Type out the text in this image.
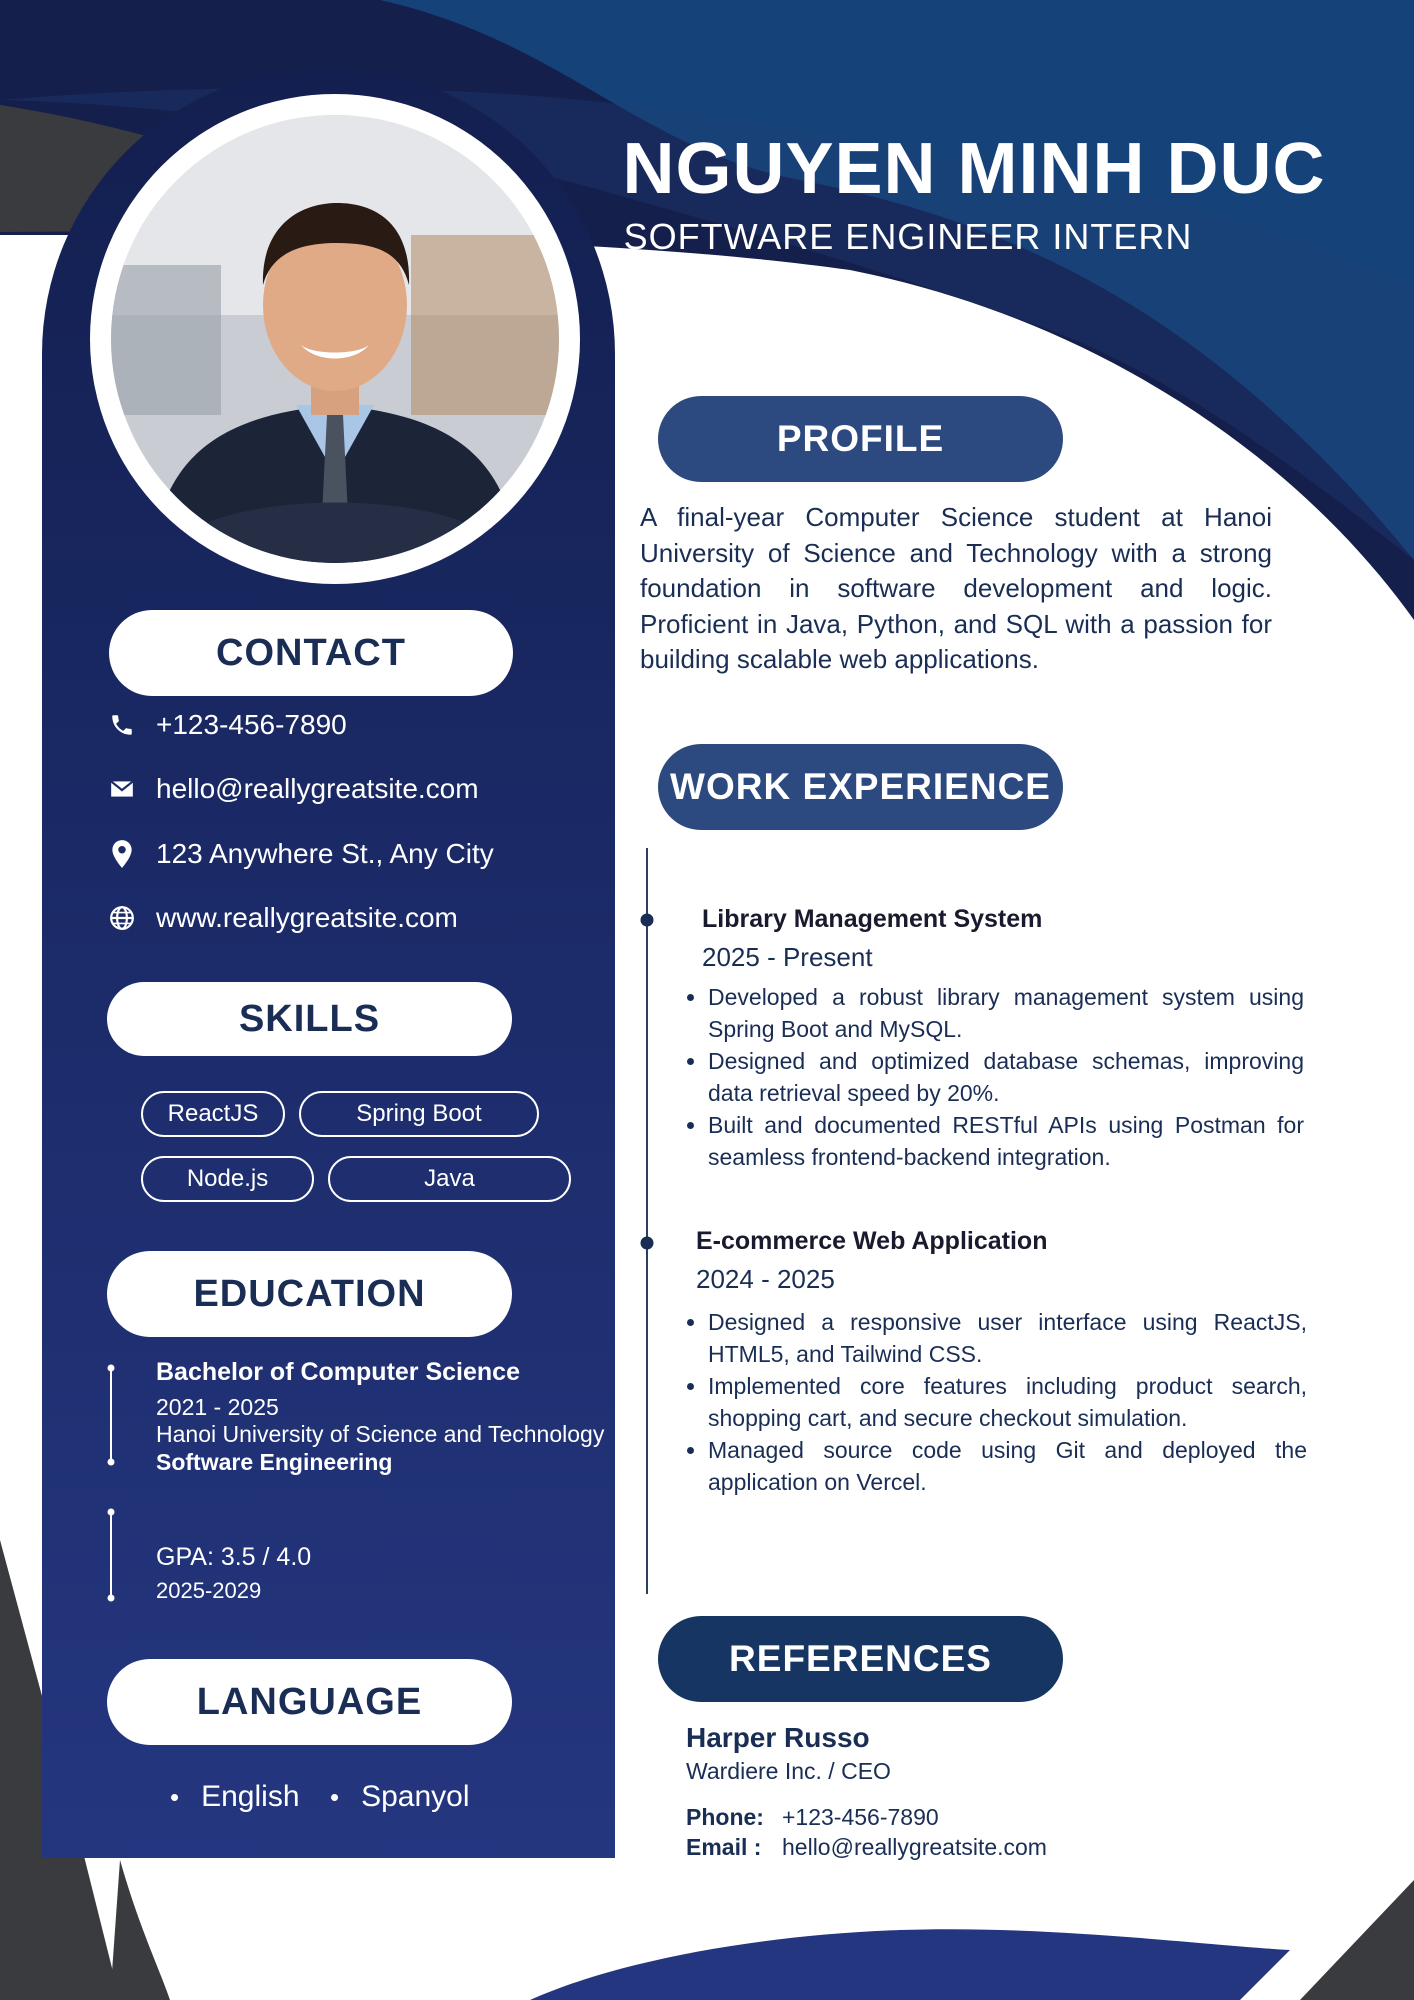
NGUYEN MINH DUC
SOFTWARE ENGINEER INTERN
CONTACT
+123-456-7890
hello@reallygreatsite.com
123 Anywhere St., Any City
www.reallygreatsite.com
SKILLS
ReactJS	Spring Boot
Node.js	Java
EDUCATION
Bachelor of Computer Science
2021 - 2025
Hanoi University of Science and Technology
Software Engineering
GPA: 3.5 / 4.0
2025-2029
LANGUAGE
• English
•	Spanyol
PROFILE
A final-year Computer Science student at Hanoi University of Science and Technology with a strong foundation in software development and logic. Proficient in Java, Python, and SQL with a passion for building scalable web applications.
WORK EXPERIENCE
Library Management System
2025 - Present
• Developed a robust library management system using Spring Boot and MySQL.
• Designed and optimized database schemas, improving data retrieval speed by 20%.
• Built and documented RESTful APIs using Postman for seamless frontend-backend integration.
E-commerce Web Application
2024 - 2025
• Designed a responsive user interface using ReactJS, HTML5, and Tailwind CSS.
• Implemented core features including product search, shopping cart, and secure checkout simulation.
• Managed source code using Git and deployed the application on Vercel.
REFERENCES
Harper Russo
Wardiere Inc. / CEO
Phone: +123-456-7890
Email : hello@reallygreatsite.com
